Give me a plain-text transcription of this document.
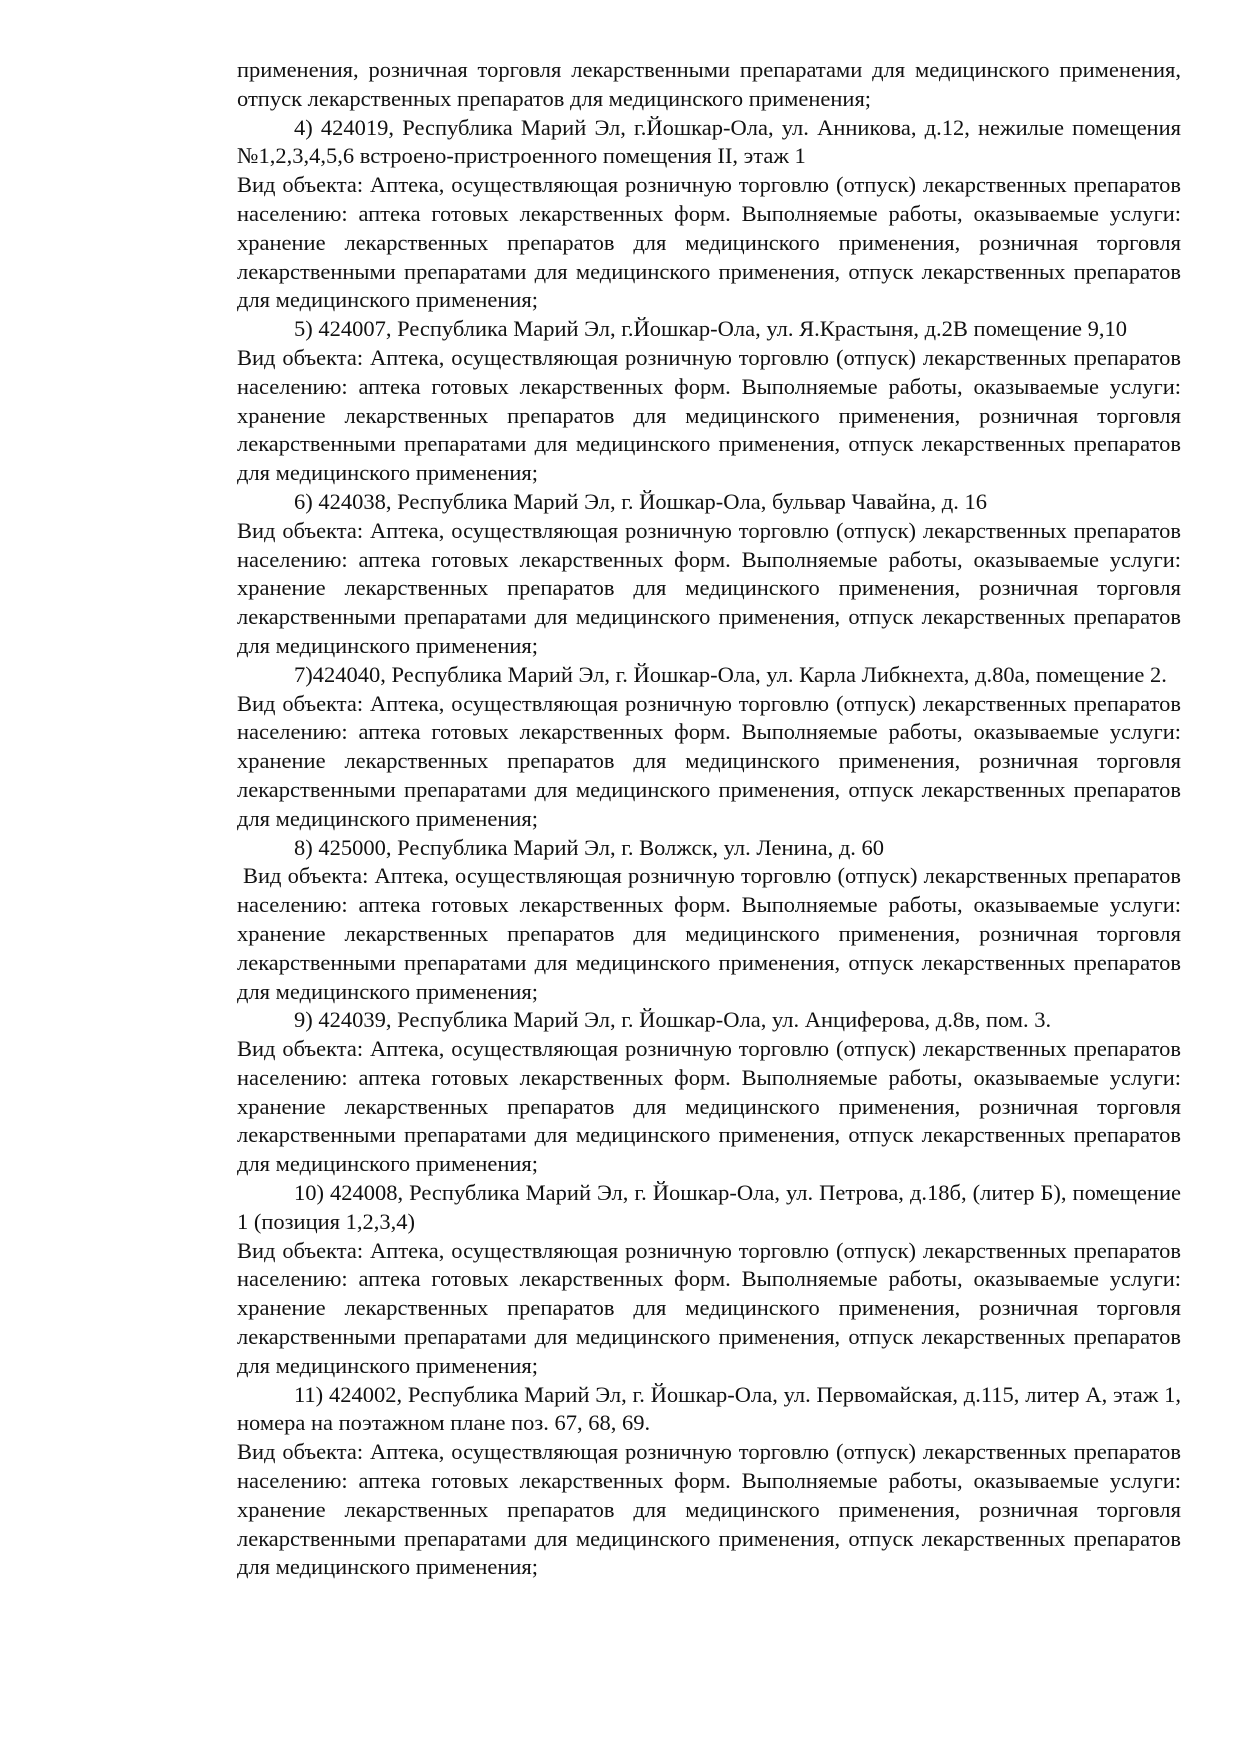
применения, розничная торговля лекарственными препаратами для медицинского применения, отпуск лекарственных препаратов для медицинского применения;

4) 424019, Республика Марий Эл, г.Йошкар-Ола, ул. Анникова, д.12, нежилые помещения №1,2,3,4,5,6 встроено-пристроенного помещения II, этаж 1

Вид объекта: Аптека, осуществляющая розничную торговлю (отпуск) лекарственных препаратов населению: аптека готовых лекарственных форм. Выполняемые работы, оказываемые услуги: хранение лекарственных препаратов для медицинского применения, розничная торговля лекарственными препаратами для медицинского применения, отпуск лекарственных препаратов для медицинского применения;

5) 424007, Республика Марий Эл, г.Йошкар-Ола, ул. Я.Крастыня, д.2В помещение 9,10

Вид объекта: Аптека, осуществляющая розничную торговлю (отпуск) лекарственных препаратов населению: аптека готовых лекарственных форм. Выполняемые работы, оказываемые услуги: хранение лекарственных препаратов для медицинского применения, розничная торговля лекарственными препаратами для медицинского применения, отпуск лекарственных препаратов для медицинского применения;

6) 424038, Республика Марий Эл, г. Йошкар-Ола, бульвар Чавайна, д. 16

Вид объекта: Аптека, осуществляющая розничную торговлю (отпуск) лекарственных препаратов населению: аптека готовых лекарственных форм. Выполняемые работы, оказываемые услуги: хранение лекарственных препаратов для медицинского применения, розничная торговля лекарственными препаратами для медицинского применения, отпуск лекарственных препаратов для медицинского применения;

7)424040, Республика Марий Эл, г. Йошкар-Ола, ул. Карла Либкнехта, д.80а, помещение 2.

Вид объекта: Аптека, осуществляющая розничную торговлю (отпуск) лекарственных препаратов населению: аптека готовых лекарственных форм. Выполняемые работы, оказываемые услуги: хранение лекарственных препаратов для медицинского применения, розничная торговля лекарственными препаратами для медицинского применения, отпуск лекарственных препаратов для медицинского применения;

8) 425000, Республика Марий Эл, г. Волжск, ул. Ленина, д. 60

Вид объекта: Аптека, осуществляющая розничную торговлю (отпуск) лекарственных препаратов населению: аптека готовых лекарственных форм. Выполняемые работы, оказываемые услуги: хранение лекарственных препаратов для медицинского применения, розничная торговля лекарственными препаратами для медицинского применения, отпуск лекарственных препаратов для медицинского применения;

9) 424039, Республика Марий Эл, г. Йошкар-Ола, ул. Анциферова, д.8в, пом. 3.

Вид объекта: Аптека, осуществляющая розничную торговлю (отпуск) лекарственных препаратов населению: аптека готовых лекарственных форм. Выполняемые работы, оказываемые услуги: хранение лекарственных препаратов для медицинского применения, розничная торговля лекарственными препаратами для медицинского применения, отпуск лекарственных препаратов для медицинского применения;

10) 424008, Республика Марий Эл, г. Йошкар-Ола, ул. Петрова, д.18б, (литер Б), помещение 1 (позиция 1,2,3,4)

Вид объекта: Аптека, осуществляющая розничную торговлю (отпуск) лекарственных препаратов населению: аптека готовых лекарственных форм. Выполняемые работы, оказываемые услуги: хранение лекарственных препаратов для медицинского применения, розничная торговля лекарственными препаратами для медицинского применения, отпуск лекарственных препаратов для медицинского применения;

11) 424002, Республика Марий Эл, г. Йошкар-Ола, ул. Первомайская, д.115, литер А, этаж 1, номера на поэтажном плане поз. 67, 68, 69.

Вид объекта: Аптека, осуществляющая розничную торговлю (отпуск) лекарственных препаратов населению: аптека готовых лекарственных форм. Выполняемые работы, оказываемые услуги: хранение лекарственных препаратов для медицинского применения, розничная торговля лекарственными препаратами для медицинского применения, отпуск лекарственных препаратов для медицинского применения;
